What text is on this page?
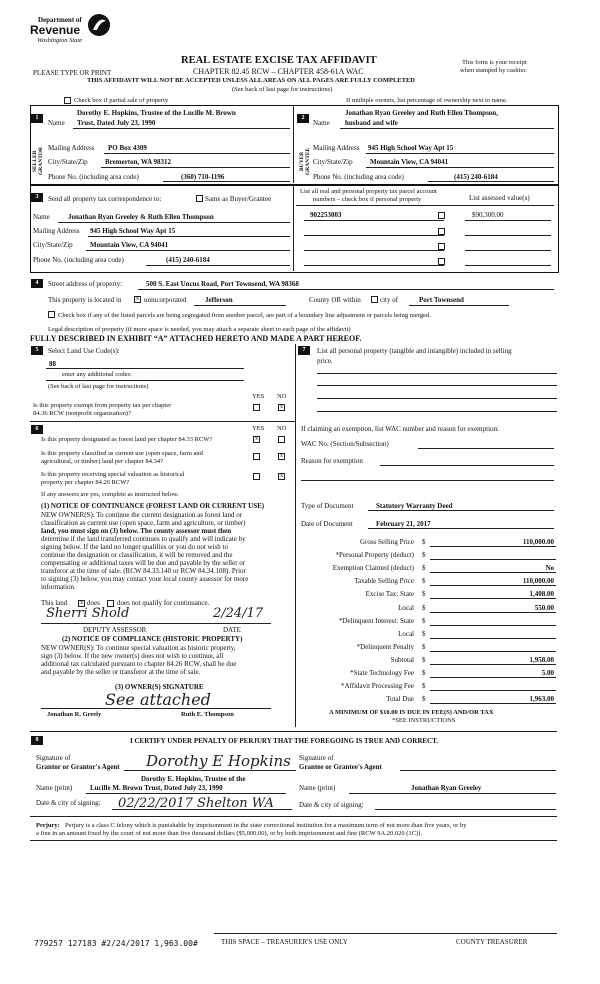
Department of
Revenue
Washington State
PLEASE TYPE OR PRINT
REAL ESTATE EXCISE TAX AFFIDAVIT
CHAPTER 82.45 RCW – CHAPTER 458-61A WAC
THIS AFFIDAVIT WILL NOT BE ACCEPTED UNLESS ALL AREAS ON ALL PAGES ARE FULLY COMPLETED
(See back of last page for instructions)
This form is your receipt
when stamped by cashier.
Check box if partial sale of property	If multiple owners, list percentage of ownership next to name.
1
SELLER GRANTOR
Name
Dorothy E. Hopkins, Trustee of the Lucille M. Brown
Trust, Dated July 23, 1990
Mailing Address PO Box 4309
City/State/Zip Bremerton, WA 98312
Phone No. (including area code)	(360) 710-1196
2
BUYER GRANTEE
Name
Jonathan Ryan Greeley and Ruth Ellen Thompson,
husband and wife
Mailing Address 945 High School Way Apt 15
City/State/Zip Mountain View, CA 94041
Phone No. (including area code)	(415) 240-6184
3	Send all property tax correspondence to:	Same as Buyer/Grantee
Name	Jonathan Ryan Greeley & Ruth Ellen Thompson
Mailing Address 945 High School Way Apt 15
City/State/Zip Mountain View, CA 94041
Phone No. (including area code)	(415) 240-6184
List all real and personal property tax parcel account
numbers – check box if personal property	List assessed value(s)
902253003	$90,300.00
4	Street address of property:	500 S. East Uncus Road, Port Townsend, WA 98368
This property is located in	x unincorporated	Jefferson	County OR within	city of	Port Townsend
Check box if any of the listed parcels are being segregated from another parcel, are part of a boundary line adjustment or parcels being merged.
Legal description of property (if more space is needed, you may attach a separate sheet to each page of the affidavit)
FULLY DESCRIBED IN EXHIBIT “A” ATTACHED HERETO AND MADE A PART HEREOF.
5	Select Land Use Code(s):
88
enter any additional codes:
(See back of last page for instructions)
YES NO
Is this property exempt from property tax per chapter
84.36 RCW (nonprofit organization)?
x
6	YES NO
Is this property designated as forest land per chapter 84.33 RCW?	x
Is this property classified as current use (open space, farm and
agricultural, or timber) land per chapter 84.34?
x
Is this property receiving special valuation as historical
property per chapter 84.26 RCW?
x
If any answers are yes, complete as instructed below.
(1) NOTICE OF CONTINUANCE (FOREST LAND OR CURRENT USE)
NEW OWNER(S): To continue the current designation as forest land or
classification as current use (open space, farm and agriculture, or timber)
land, you must sign on (3) below. The county assessor must then
determine if the land transferred continues to qualify and will indicate by
signing below. If the land no longer qualifies or you do not wish to
continue the designation or classification, it will be removed and the
compensating or additional taxes will be due and payable by the seller or
transferor at the time of sale. (RCW 84.33.140 or RCW 84.34.108). Prior
to signing (3) below, you may contact your local county assessor for more
information.
This land	x does does not qualify for continuance.
Sherri Shold	2/24/17
DEPUTY ASSESSOR	DATE
(2) NOTICE OF COMPLIANCE (HISTORIC PROPERTY)
NEW OWNER(S): To continue special valuation as historic property,
sign (3) below. If the new owner(s) does not wish to continue, all
additional tax calculated pursuant to chapter 84.26 RCW, shall be due
and payable by the seller or transferor at the time of sale.
(3) OWNER(S) SIGNATURE
See attached
Jonathan R. Greely	Ruth E. Thompson
7	List all personal property (tangible and intangible) included in selling
price.
If claiming an exemption, list WAC number and reason for exemption:
WAC No. (Section/Subsection)
Reason for exemption
Type of Document	Statutory Warranty Deed
Date of Document	February 21, 2017
Gross Selling Price $	110,000.00
*Personal Property (deduct) $
Exemption Claimed (deduct) $	No
Taxable Selling Price $	110,000.00
Excise Tax: State $	1,408.00
Local $	550.00
*Delinquent Interest: State $
Local $
*Delinquent Penalty $
Subtotal $	1,958.00
*State Technology Fee $	5.00
*Affidavit Processing Fee $
Total Due $	1,963.00
A MINIMUM OF $10.00 IS DUE IN FEE(S) AND/OR TAX
*SEE INSTRUCTIONS
8	I CERTIFY UNDER PENALTY OF PERJURY THAT THE FOREGOING IS TRUE AND CORRECT.
Signature of
Grantor or Grantor's Agent Dorothy E Hopkins Signature of
Grantee or Grantee's Agent
Dorothy E. Hopkins, Trustee of the
Name (print)	Lucille M. Brown Trust, Dated July 23, 1990	Name (print)	Jonathan Ryan Greeley
Date & city of signing: 02/22/2017 Shelton WA	Date & city of signing:
Perjury: Perjury is a class C felony which is punishable by imprisonment in the state correctional institution for a maximum term of not more than five years, or by
a fine in an amount fixed by the court of not more than five thousand dollars ($5,000.00), or by both imprisonment and fine (RCW 9A.20.020 (1C)).
779257 127183 #2/24/2017 1,963.00#	THIS SPACE – TREASURER'S USE ONLY	COUNTY TREASURER
